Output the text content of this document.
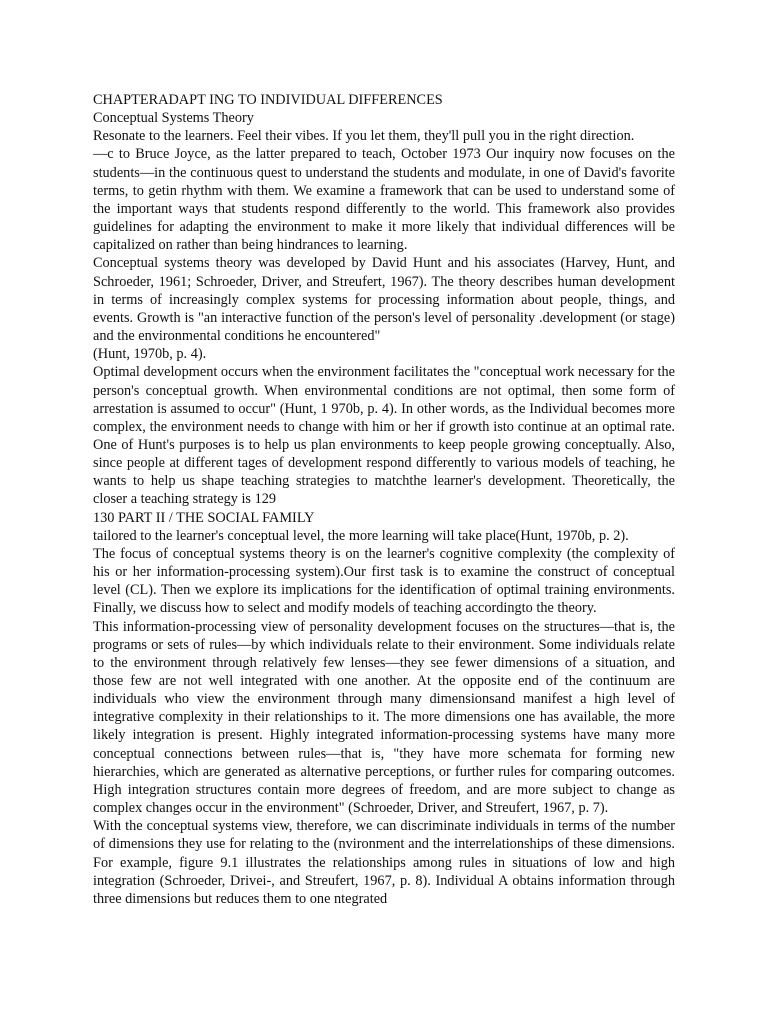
CHAPTERADAPT ING TO INDIVIDUAL DIFFERENCES
Conceptual Systems Theory
Resonate to the learners. Feel their vibes. If you let them, they'll pull you in the right direction.
—c to Bruce Joyce, as the latter prepared to teach, October 1973 Our inquiry now focuses on the students—in the continuous quest to understand the students and modulate, in one of David's favorite terms, to getin rhythm with them. We examine a framework that can be used to understand some of the important ways that students respond differently to the world. This framework also provides guidelines for adapting the environment to make it more likely that individual differences will be capitalized on rather than being hindrances to learning.
Conceptual systems theory was developed by David Hunt and his associates (Harvey, Hunt, and Schroeder, 1961; Schroeder, Driver, and Streufert, 1967). The theory describes human development in terms of increasingly complex systems for processing information about people, things, and events. Growth is "an interactive function of the person's level of personality .development (or stage) and the environmental conditions he encountered"
(Hunt, 1970b, p. 4).
Optimal development occurs when the environment facilitates the "conceptual work necessary for the person's conceptual growth. When environmental conditions are not optimal, then some form of arrestation is assumed to occur" (Hunt, 1 970b, p. 4). In other words, as the Individual becomes more complex, the environment needs to change with him or her if growth isto continue at an optimal rate. One of Hunt's purposes is to help us plan environments to keep people growing conceptually. Also, since people at different tages of development respond differently to various models of teaching, he wants to help us shape teaching strategies to matchthe learner's development. Theoretically, the closer a teaching strategy is 129
130 PART II / THE SOCIAL FAMILY
tailored to the learner's conceptual level, the more learning will take place(Hunt, 1970b, p. 2).
The focus of conceptual systems theory is on the learner's cognitive complexity (the complexity of his or her information-processing system).Our first task is to examine the construct of conceptual level (CL). Then we explore its implications for the identification of optimal training environments. Finally, we discuss how to select and modify models of teaching accordingto the theory.
This information-processing view of personality development focuses on the structures—that is, the programs or sets of rules—by which individuals relate to their environment. Some individuals relate to the environment through relatively few lenses—they see fewer dimensions of a situation, and those few are not well integrated with one another. At the opposite end of the continuum are individuals who view the environment through many dimensionsand manifest a high level of integrative complexity in their relationships to it. The more dimensions one has available, the more likely integration is present. Highly integrated information-processing systems have many more conceptual connections between rules—that is, "they have more schemata for forming new hierarchies, which are generated as alternative perceptions, or further rules for comparing outcomes. High integration structures contain more degrees of freedom, and are more subject to change as complex changes occur in the environment" (Schroeder, Driver, and Streufert, 1967, p. 7).
With the conceptual systems view, therefore, we can discriminate individuals in terms of the number of dimensions they use for relating to the (nvironment and the interrelationships of these dimensions. For example, figure 9.1 illustrates the relationships among rules in situations of low and high integration (Schroeder, Drivei-, and Streufert, 1967, p. 8). Individual A obtains information through three dimensions but reduces them to one ntegrated
